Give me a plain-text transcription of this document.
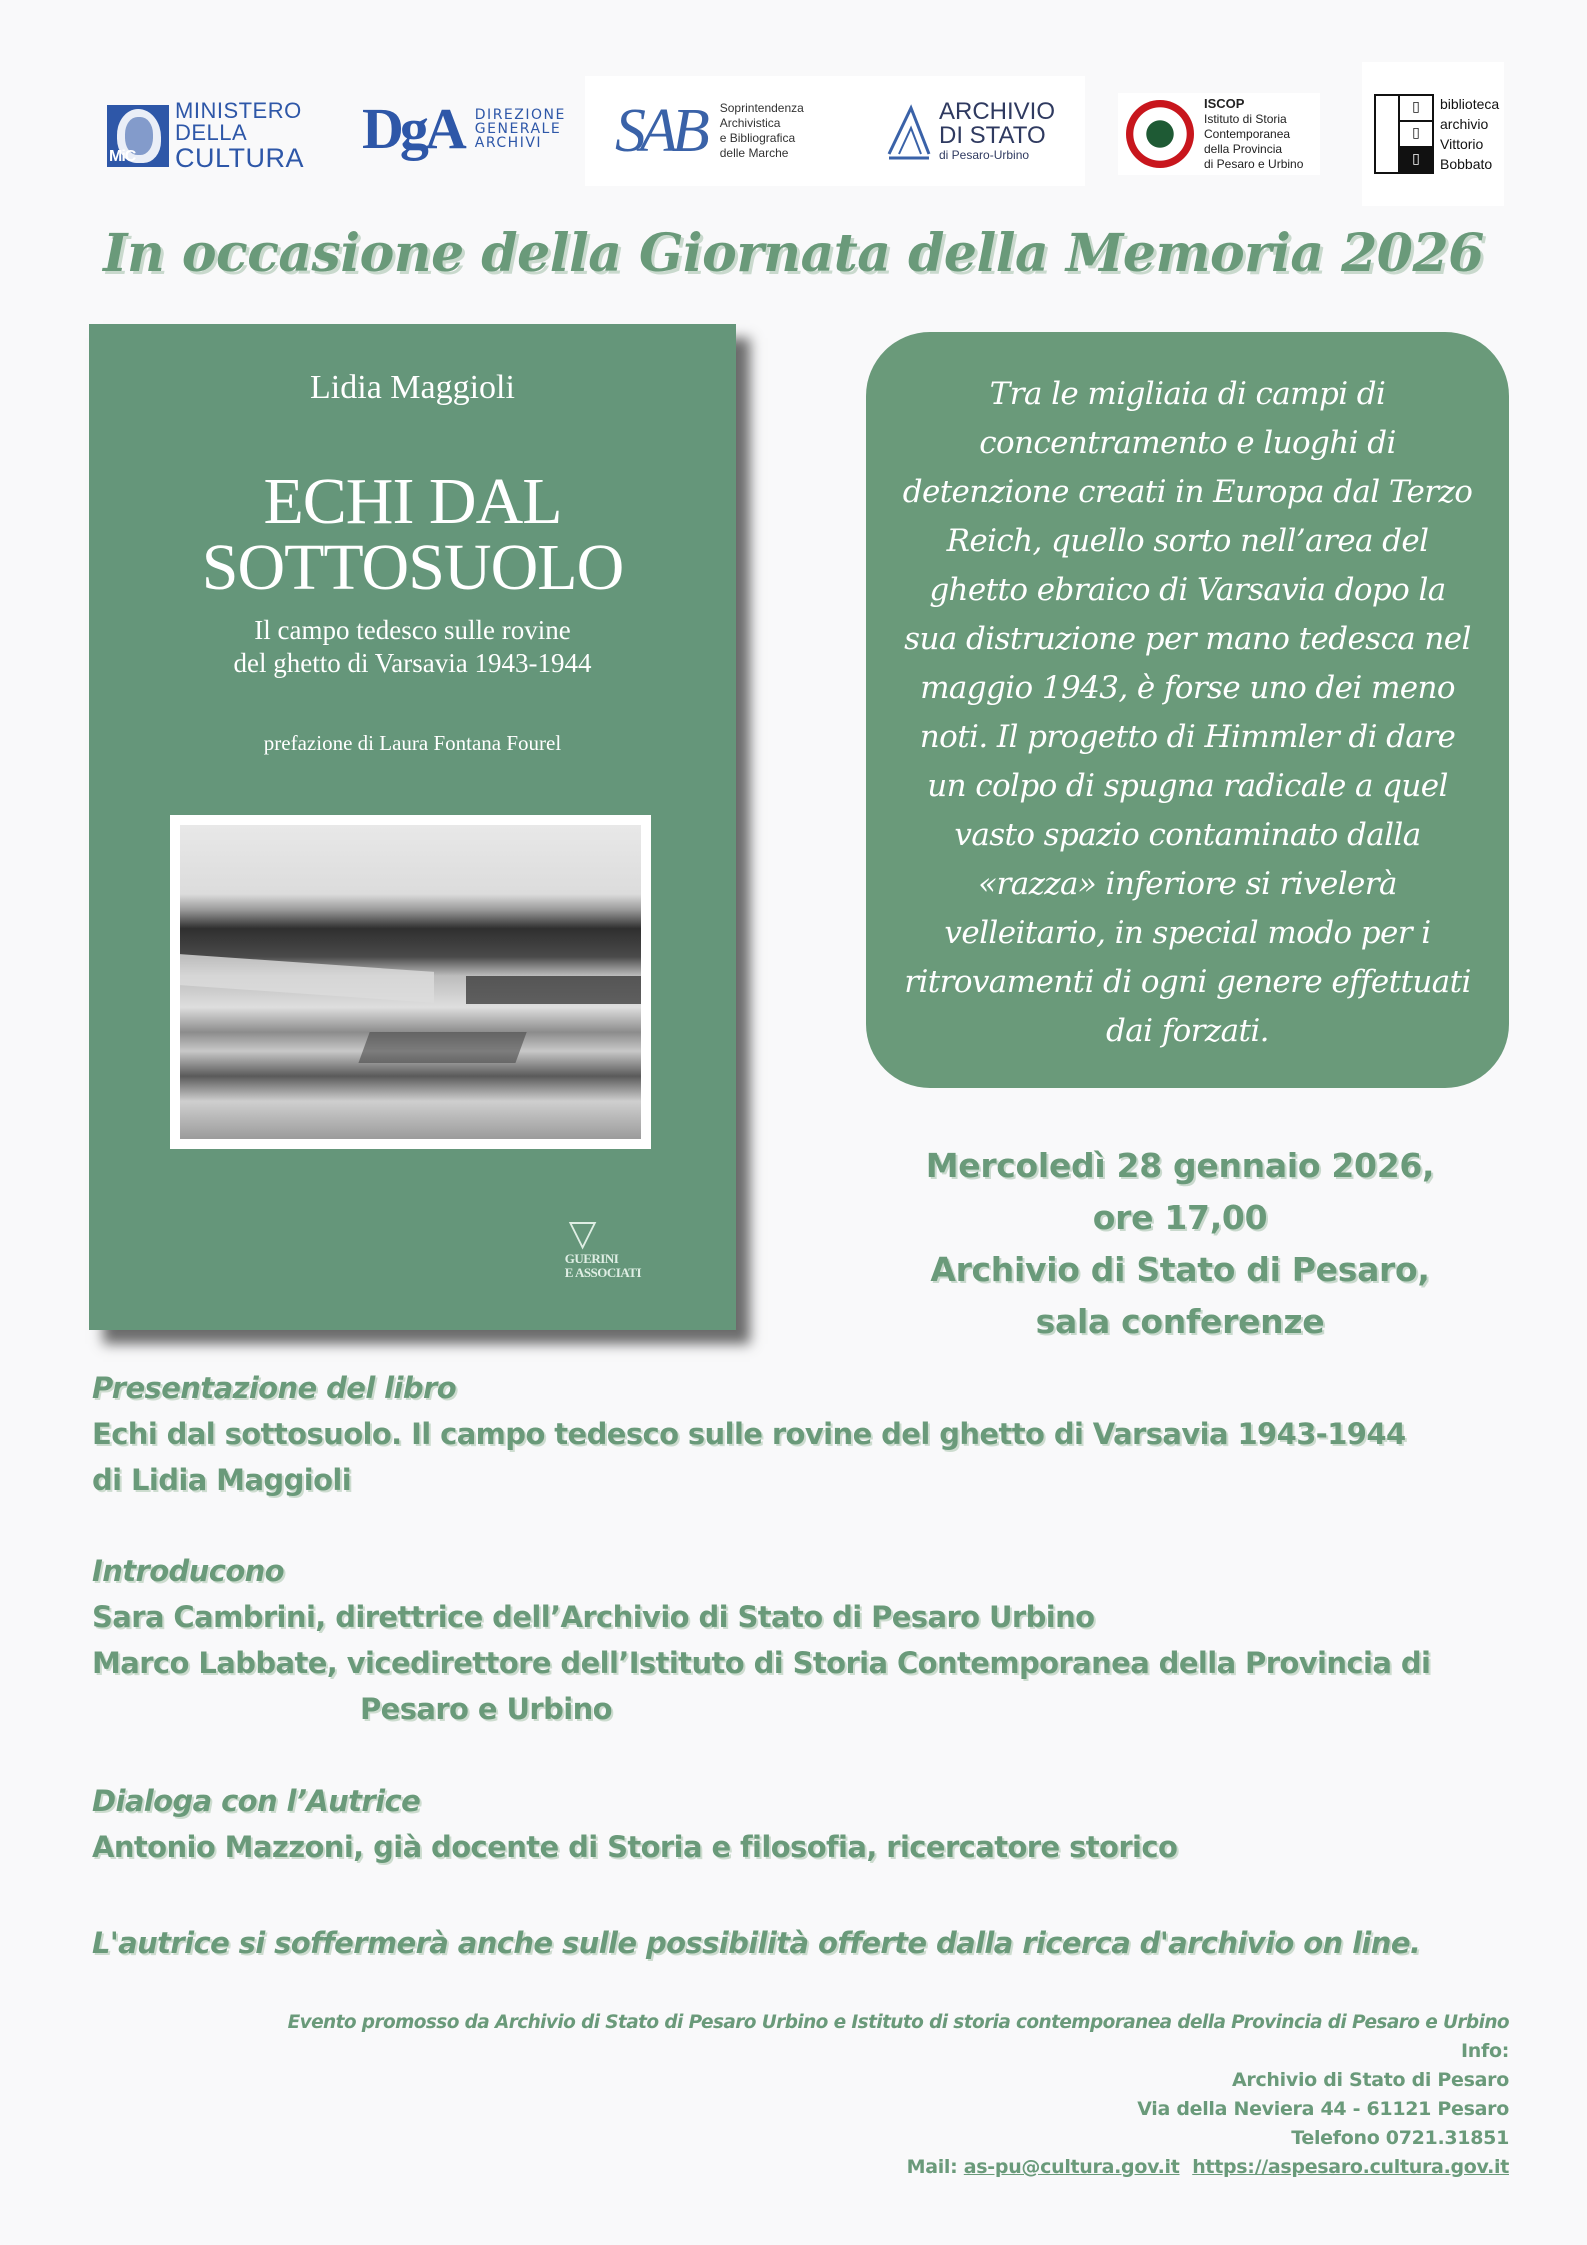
MiC
MINISTERO
DELLA
CULTURA DgA DIREZIONE
GENERALE
ARCHIVI	SAB Soprintendenza
Archivistica
e Bibliografica
delle Marche
ARCHIVIO
DI STATO
di Pesaro-Urbino
ISCOP
Istituto di Storia
Contemporanea
della Provincia
di Pesaro e Urbino
▯
▯
▯
biblioteca
archivio
Vittorio
Bobbato
In occasione della Giornata della Memoria 2026
Lidia Maggioli
ECHI DAL
SOTTOSUOLO
Il campo tedesco sulle rovine
del ghetto di Varsavia 1943-1944
prefazione di Laura Fontana Fourel
▽
GUERINI
E ASSOCIATI
Tra le migliaia di campi di
concentramento e luoghi di
detenzione creati in Europa dal Terzo
Reich, quello sorto nell’area del
ghetto ebraico di Varsavia dopo la
sua distruzione per mano tedesca nel
maggio 1943, è forse uno dei meno
noti. Il progetto di Himmler di dare
un colpo di spugna radicale a quel
vasto spazio contaminato dalla
«razza» inferiore si rivelerà
velleitario, in special modo per i
ritrovamenti di ogni genere effettuati
dai forzati.
Mercoledì 28 gennaio 2026,
ore 17,00
Archivio di Stato di Pesaro,
sala conferenze
Presentazione del libro
Echi dal sottosuolo. Il campo tedesco sulle rovine del ghetto di Varsavia 1943-1944
di Lidia Maggioli
Introducono
Sara Cambrini, direttrice dell’Archivio di Stato di Pesaro Urbino
Marco Labbate, vicedirettore dell’Istituto di Storia Contemporanea della Provincia di
Pesaro e Urbino
Dialoga con l’Autrice
Antonio Mazzoni, già docente di Storia e filosofia, ricercatore storico
L'autrice si soffermerà anche sulle possibilità offerte dalla ricerca d'archivio on line.
Evento promosso da Archivio di Stato di Pesaro Urbino e Istituto di storia contemporanea della Provincia di Pesaro e Urbino
Info:
Archivio di Stato di Pesaro
Via della Neviera 44 - 61121 Pesaro
Telefono 0721.31851
Mail: as-pu@cultura.gov.it https://aspesaro.cultura.gov.it
